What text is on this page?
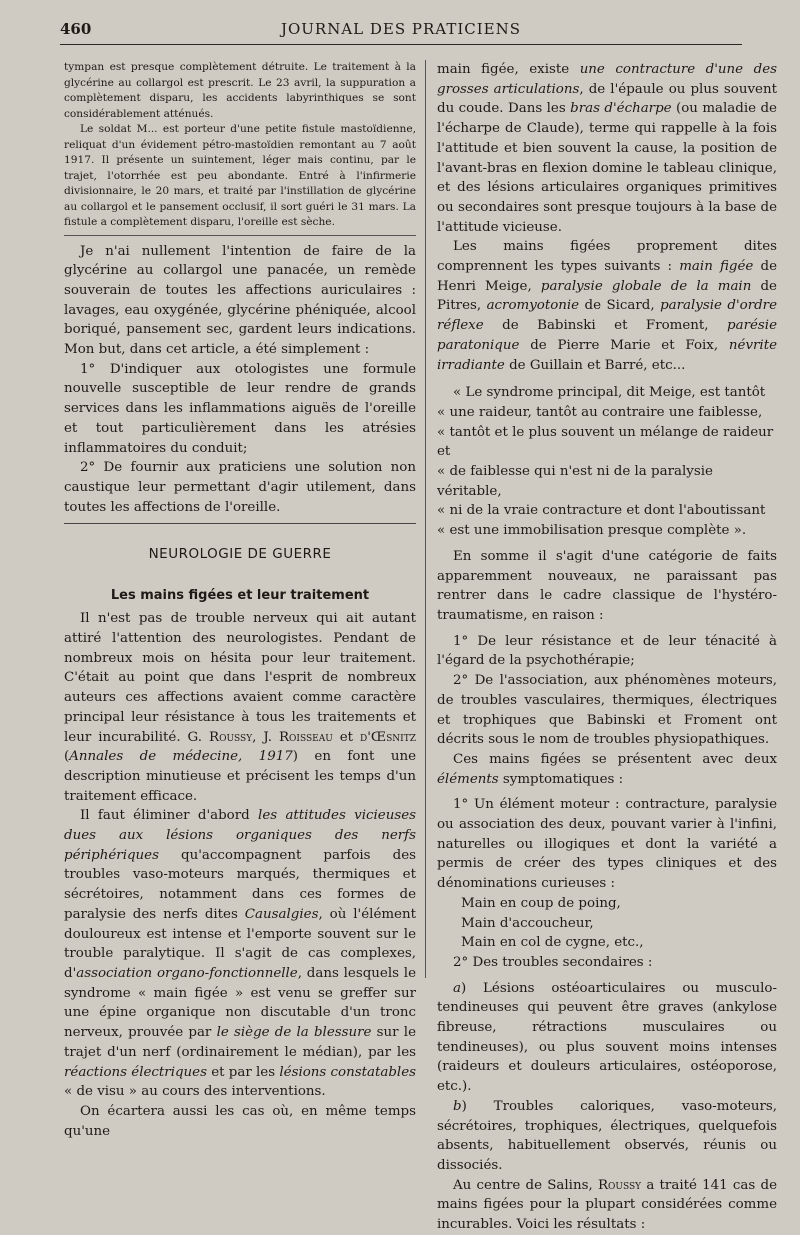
460	JOURNAL DES PRATICIENS

tympan est presque complètement détruite. Le traitement à la glycérine au collargol est prescrit. Le 23 avril, la suppuration a complètement disparu, les accidents labyrinthiques se sont considérablement atténués.

Le soldat M... est porteur d'une petite fistule mastoïdienne, reliquat d'un évidement pétro-mastoïdien remontant au 7 août 1917. Il présente un suintement, léger mais continu, par le trajet, l'otorrhée est peu abondante. Entré à l'infirmerie divisionnaire, le 20 mars, et traité par l'instillation de glycérine au collargol et le pansement occlusif, il sort guéri le 31 mars. La fistule a complètement disparu, l'oreille est sèche.

Je n'ai nullement l'intention de faire de la glycérine au collargol une panacée, un remède souverain de toutes les affections auriculaires : lavages, eau oxygénée, glycérine phéniquée, alcool boriqué, pansement sec, gardent leurs indications. Mon but, dans cet article, a été simplement :

1° D'indiquer aux otologistes une formule nouvelle susceptible de leur rendre de grands services dans les inflammations aiguës de l'oreille et tout particulièrement dans les atrésies inflammatoires du conduit;

2° De fournir aux praticiens une solution non caustique leur permettant d'agir utilement, dans toutes les affections de l'oreille.

NEUROLOGIE DE GUERRE
Les mains figées et leur traitement

Il n'est pas de trouble nerveux qui ait autant attiré l'attention des neurologistes. Pendant de nombreux mois on hésita pour leur traitement. C'était au point que dans l'esprit de nombreux auteurs ces affections avaient comme caractère principal leur résistance à tous les traitements et leur incurabilité. G. Roussy, J. Roisseau et d'Œsnitz (Annales de médecine, 1917) en font une description minutieuse et précisent les temps d'un traitement efficace.

Il faut éliminer d'abord les attitudes vicieuses dues aux lésions organiques des nerfs périphériques qu'accompagnent parfois des troubles vaso-moteurs marqués, thermiques et sécrétoires, notamment dans ces formes de paralysie des nerfs dites Causalgies, où l'élément douloureux est intense et l'emporte souvent sur le trouble paralytique. Il s'agit de cas complexes, d'association organo-fonctionnelle, dans lesquels le syndrome « main figée » est venu se greffer sur une épine organique non discutable d'un tronc nerveux, prouvée par le siège de la blessure sur le trajet d'un nerf (ordinairement le médian), par les réactions électriques et par les lésions constatables « de visu » au cours des interventions.

On écartera aussi les cas où, en même temps qu'une

main figée, existe une contracture d'une des grosses articulations, de l'épaule ou plus souvent du coude. Dans les bras d'écharpe (ou maladie de l'écharpe de Claude), terme qui rappelle à la fois l'attitude et bien souvent la cause, la position de l'avant-bras en flexion domine le tableau clinique, et des lésions articulaires organiques primitives ou secondaires sont presque toujours à la base de l'attitude vicieuse.

Les mains figées proprement dites comprennent les types suivants : main figée de Henri Meige, paralysie globale de la main de Pitres, acromyotonie de Sicard, paralysie d'ordre réflexe de Babinski et Froment, parésie paratonique de Pierre Marie et Foix, névrite irradiante de Guillain et Barré, etc...

« Le syndrome principal, dit Meige, est tantôt
« une raideur, tantôt au contraire une faiblesse,
« tantôt et le plus souvent un mélange de raideur et
« de faiblesse qui n'est ni de la paralysie véritable,
« ni de la vraie contracture et dont l'aboutissant
« est une immobilisation presque complète ».

En somme il s'agit d'une catégorie de faits apparemment nouveaux, ne paraissant pas rentrer dans le cadre classique de l'hystéro-traumatisme, en raison :

1° De leur résistance et de leur ténacité à l'égard de la psychothérapie;

2° De l'association, aux phénomènes moteurs, de troubles vasculaires, thermiques, électriques et trophiques que Babinski et Froment ont décrits sous le nom de troubles physiopathiques.

Ces mains figées se présentent avec deux éléments symptomatiques :

1° Un élément moteur : contracture, paralysie ou association des deux, pouvant varier à l'infini, naturelles ou illogiques et dont la variété a permis de créer des types cliniques et des dénominations curieuses :

Main en coup de poing,
Main d'accoucheur,
Main en col de cygne, etc.,

2° Des troubles secondaires :

a) Lésions ostéoarticulaires ou musculo-tendineuses qui peuvent être graves (ankylose fibreuse, rétractions musculaires ou tendineuses), ou plus souvent moins intenses (raideurs et douleurs articulaires, ostéoporose, etc.).

b) Troubles caloriques, vaso-moteurs, sécrétoires, trophiques, électriques, quelquefois absents, habituellement observés, réunis ou dissociés.

Au centre de Salins, Roussy a traité 141 cas de mains figées pour la plupart considérées comme incurables. Voici les résultats :
